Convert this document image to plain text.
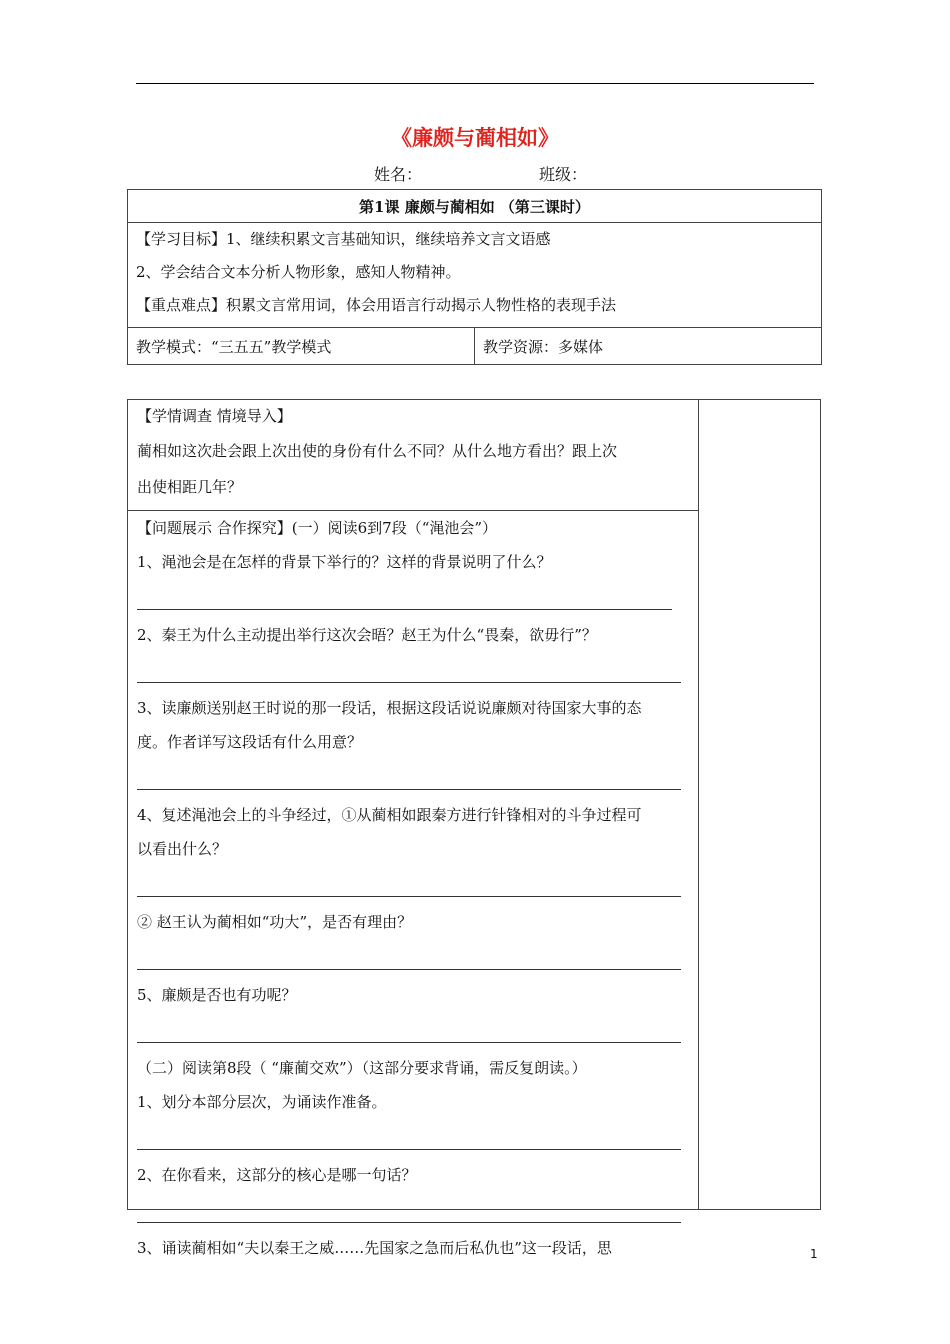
《廉颇与蔺相如》
姓名：	班级：
第1课 廉颇与蔺相如 （第三课时）

【学习目标】1、继续积累文言基础知识，继续培养文言文语感

2、学会结合文本分析人物形象，感知人物精神。

【重点难点】积累文言常用词，体会用语言行动揭示人物性格的表现手法

教学模式：“三五五”教学模式	教学资源：多媒体

【学情调查 情境导入】

蔺相如这次赴会跟上次出使的身份有什么不同？从什么地方看出？跟上次

出使相距几年？

【问题展示 合作探究】(一）阅读6到7段（“渑池会”）

1、渑池会是在怎样的背景下举行的？这样的背景说明了什么？

2、秦王为什么主动提出举行这次会晤？赵王为什么“畏秦，欲毋行”？

3、读廉颇送别赵王时说的那一段话，根据这段话说说廉颇对待国家大事的态

度。作者详写这段话有什么用意？

4、复述渑池会上的斗争经过，①从蔺相如跟秦方进行针锋相对的斗争过程可

以看出什么？

② 赵王认为蔺相如“功大”，是否有理由？

5、廉颇是否也有功呢？

（二）阅读第8段（ “廉蔺交欢”）（这部分要求背诵，需反复朗读。）

1、划分本部分层次，为诵读作准备。

2、在你看来，这部分的核心是哪一句话？

3、诵读蔺相如“夫以秦王之威……先国家之急而后私仇也”这一段话，思	1
